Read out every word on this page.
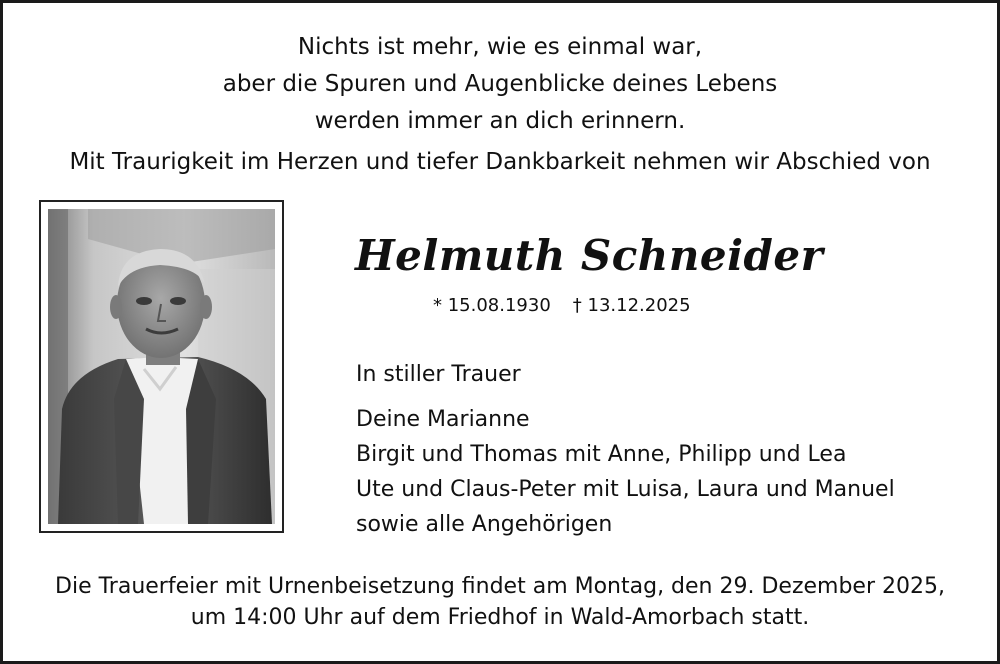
Nichts ist mehr, wie es einmal war,
aber die Spuren und Augenblicke deines Lebens
werden immer an dich erinnern.
Mit Traurigkeit im Herzen und tiefer Dankbarkeit nehmen wir Abschied von
Helmuth Schneider
* 15.08.1930 † 13.12.2025
In stiller Trauer
Deine Marianne
Birgit und Thomas mit Anne, Philipp und Lea
Ute und Claus-Peter mit Luisa, Laura und Manuel
sowie alle Angehörigen
Die Trauerfeier mit Urnenbeisetzung findet am Montag, den 29. Dezember 2025,
um 14:00 Uhr auf dem Friedhof in Wald-Amorbach statt.
